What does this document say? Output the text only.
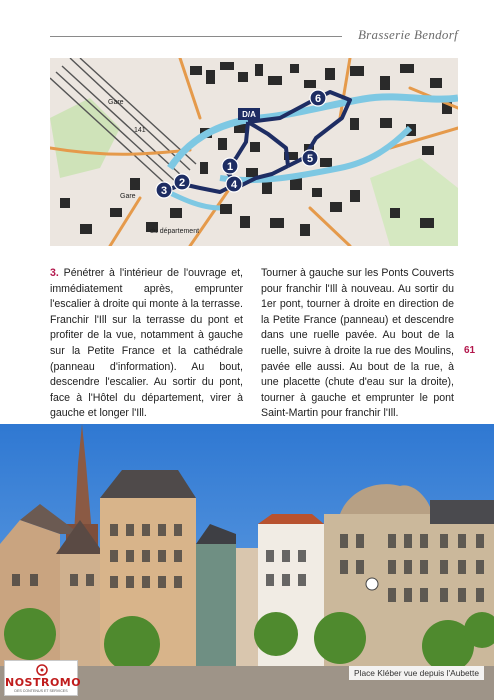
Brasserie Bendorf
1
2
3	4
5
6
D/A
Gare
Gare
141
du département
3. Pénétrer à l'intérieur de l'ouvrage et, immédiatement après, emprunter l'escalier à droite qui monte à la terrasse. Franchir l'Ill sur la terrasse du pont et profiter de la vue, notamment à gauche sur la Petite France et la cathédrale (panneau d'information). Au bout, descendre l'escalier. Au sortir du pont, face à l'Hôtel du département, virer à gauche et longer l'Ill.
Tourner à gauche sur les Ponts Couverts pour franchir l'Ill à nouveau. Au sortir du 1er pont, tourner à droite en direction de la Petite France (panneau) et descendre dans une ruelle pavée. Au bout de la ruelle, suivre à droite la rue des Moulins, pavée elle aussi. Au bout de la rue, à une placette (chute d'eau sur la droite), tourner à gauche et emprunter le pont Saint-Martin pour franchir l'Ill.
61
Place Kléber vue depuis l'Aubette
NOSTROMO
DES CONTENUS ET SERVICES
